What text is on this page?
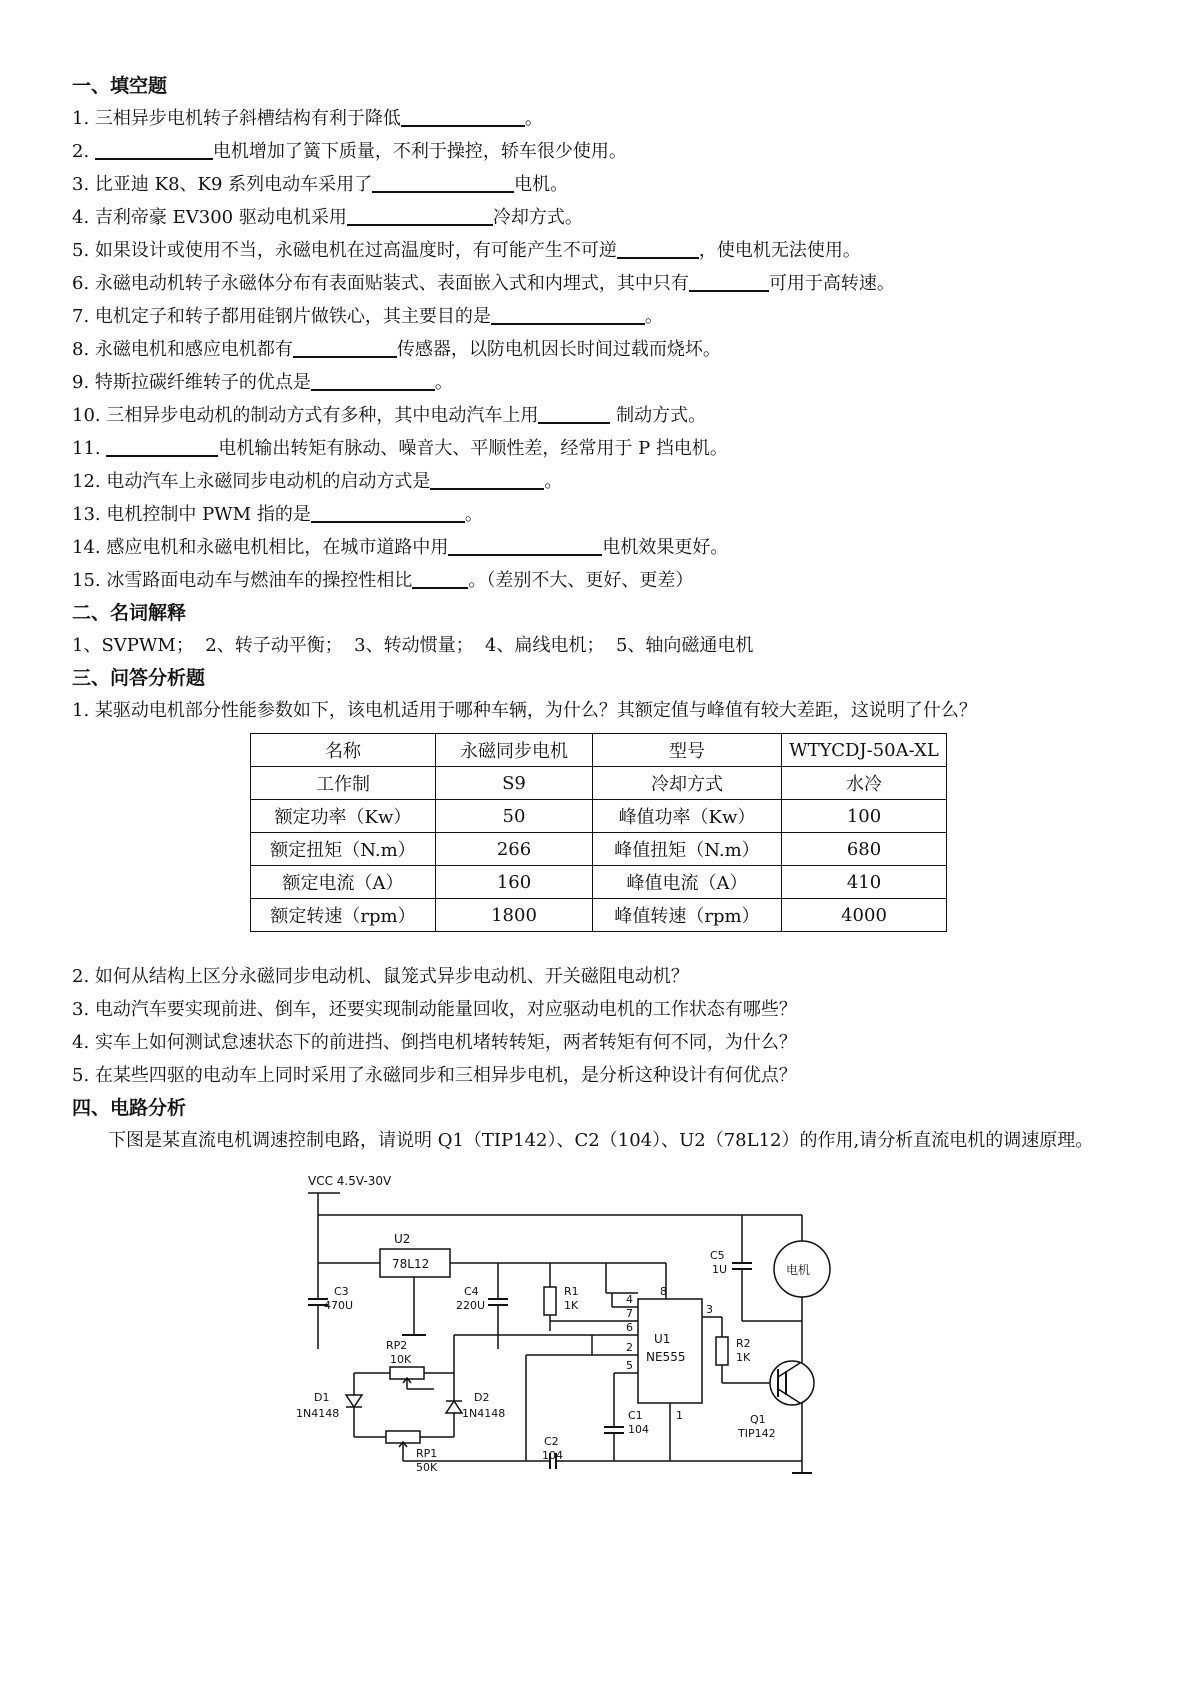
一、填空题

1. 三相异步电机转子斜槽结构有利于降低	。

2.	电机增加了簧下质量，不利于操控，轿车很少使用。

3. 比亚迪 K8、K9 系列电动车采用了	电机。

4. 吉利帝豪 EV300 驱动电机采用	冷却方式。

5. 如果设计或使用不当，永磁电机在过高温度时，有可能产生不可逆	，使电机无法使用。

6. 永磁电动机转子永磁体分布有表面贴装式、表面嵌入式和内埋式，其中只有	可用于高转速。

7. 电机定子和转子都用硅钢片做铁心，其主要目的是	。

8. 永磁电机和感应电机都有	传感器，以防电机因长时间过载而烧坏。

9. 特斯拉碳纤维转子的优点是	。

10. 三相异步电动机的制动方式有多种，其中电动汽车上用	制动方式。

11.	电机输出转矩有脉动、噪音大、平顺性差，经常用于 P 挡电机。

12. 电动汽车上永磁同步电动机的启动方式是	。

13. 电机控制中 PWM 指的是	。

14. 感应电机和永磁电机相比，在城市道路中用	电机效果更好。

15. 冰雪路面电动车与燃油车的操控性相比	。（差别不大、更好、更差）

二、名词解释

1、SVPWM；  2、转子动平衡；  3、转动惯量；  4、扁线电机；  5、轴向磁通电机

三、问答分析题

1. 某驱动电机部分性能参数如下，该电机适用于哪种车辆，为什么？其额定值与峰值有较大差距，这说明了什么？

名称	永磁同步电机	型号	WTYCDJ-50A-XL
工作制	S9	冷却方式	水冷
额定功率（Kw）	50	峰值功率（Kw）	100
额定扭矩（N.m）	266	峰值扭矩（N.m）	680
额定电流（A）	160	峰值电流（A）	410
额定转速（rpm）	1800	峰值转速（rpm）	4000

2. 如何从结构上区分永磁同步电动机、鼠笼式异步电动机、开关磁阻电动机？

3. 电动汽车要实现前进、倒车，还要实现制动能量回收，对应驱动电机的工作状态有哪些？

4. 实车上如何测试怠速状态下的前进挡、倒挡电机堵转转矩，两者转矩有何不同，为什么？

5. 在某些四驱的电动车上同时采用了永磁同步和三相异步电机，是分析这种设计有何优点？

四、电路分析

下图是某直流电机调速控制电路，请说明 Q1（TIP142）、C2（104）、U2（78L12）的作用,请分析直流电机的调速原理。

VCC 4.5V-30V
U2
78L12
C3
470U
C4
220U
R1
1K
U1
NE555
8
4
7
6
2
5
3
1
C1
104
RP2
10K
D1
1N4148
D2
1N4148
RP1
50K
C2
104
R2
1K
Q1
TIP142
C5
1U	电机
